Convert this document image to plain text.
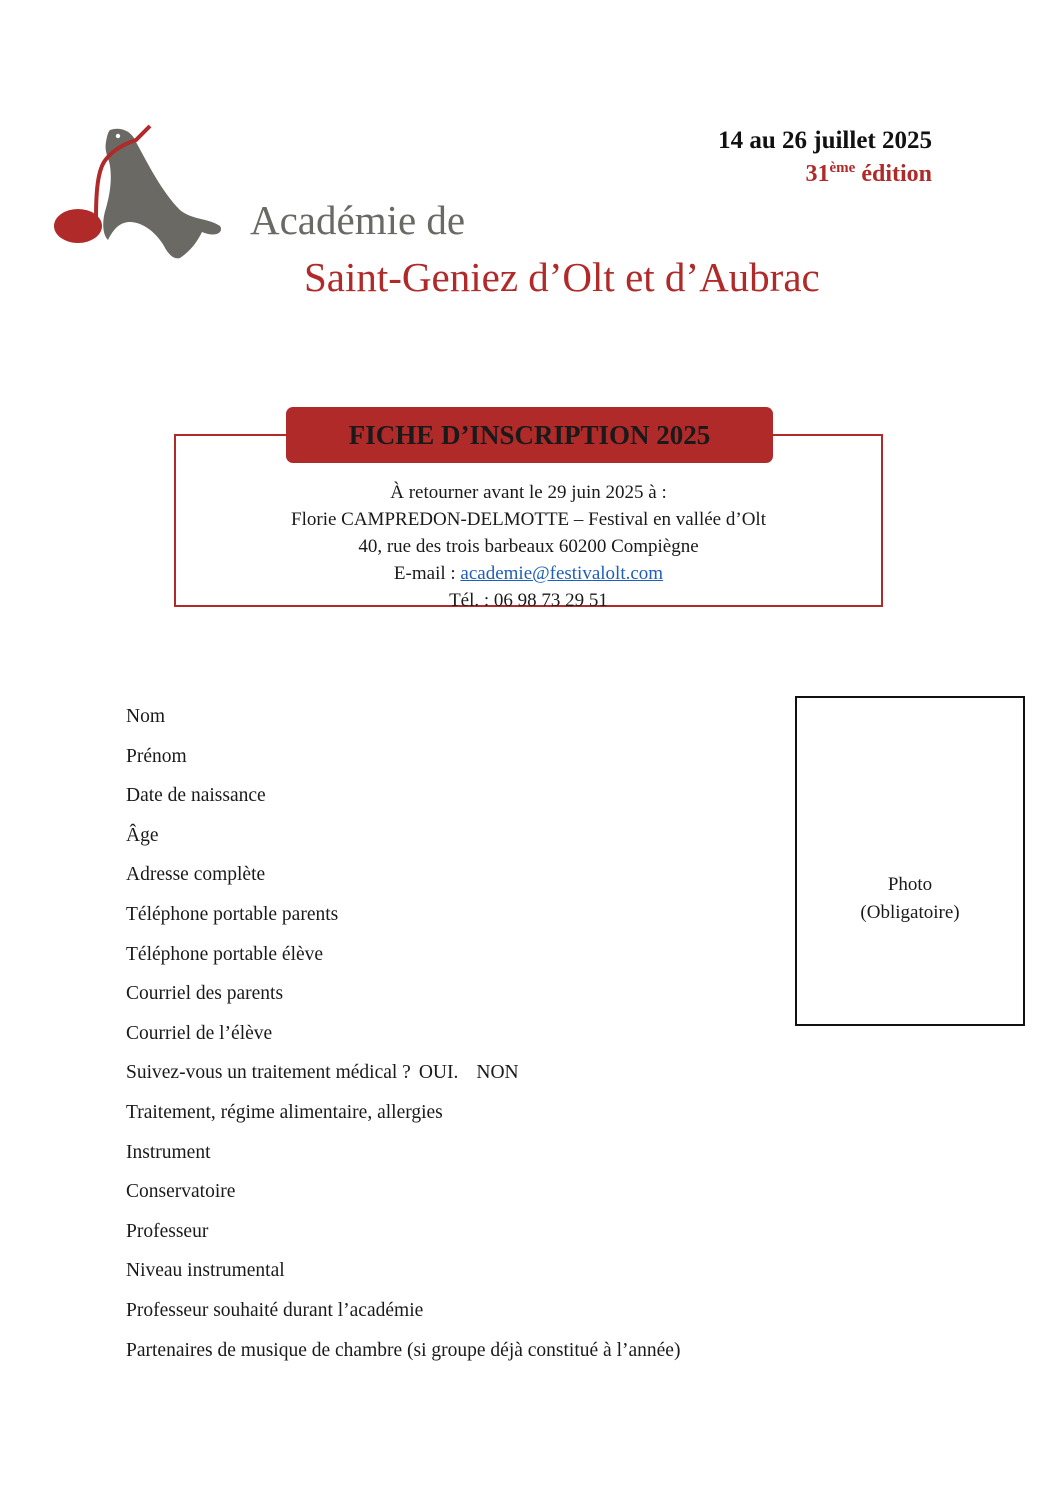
14 au 26 juillet 2025
31ème édition
Académie de
Saint-Geniez d’Olt et d’Aubrac
FICHE D’INSCRIPTION 2025
À retourner avant le 29 juin 2025 à :
Florie CAMPREDON-DELMOTTE – Festival en vallée d’Olt
40, rue des trois barbeaux 60200 Compiègne
E-mail : academie@festivalolt.com
Tél. : 06 98 73 29 51
Nom
Prénom
Date de naissance
Âge
Adresse complète
Téléphone portable parents
Téléphone portable élève
Courriel des parents
Courriel de l’élève
Suivez-vous un traitement médical ? OUI. NON
Traitement, régime alimentaire, allergies
Instrument
Conservatoire
Professeur
Niveau instrumental
Professeur souhaité durant l’académie
Partenaires de musique de chambre (si groupe déjà constitué à l’année)
Photo
(Obligatoire)
